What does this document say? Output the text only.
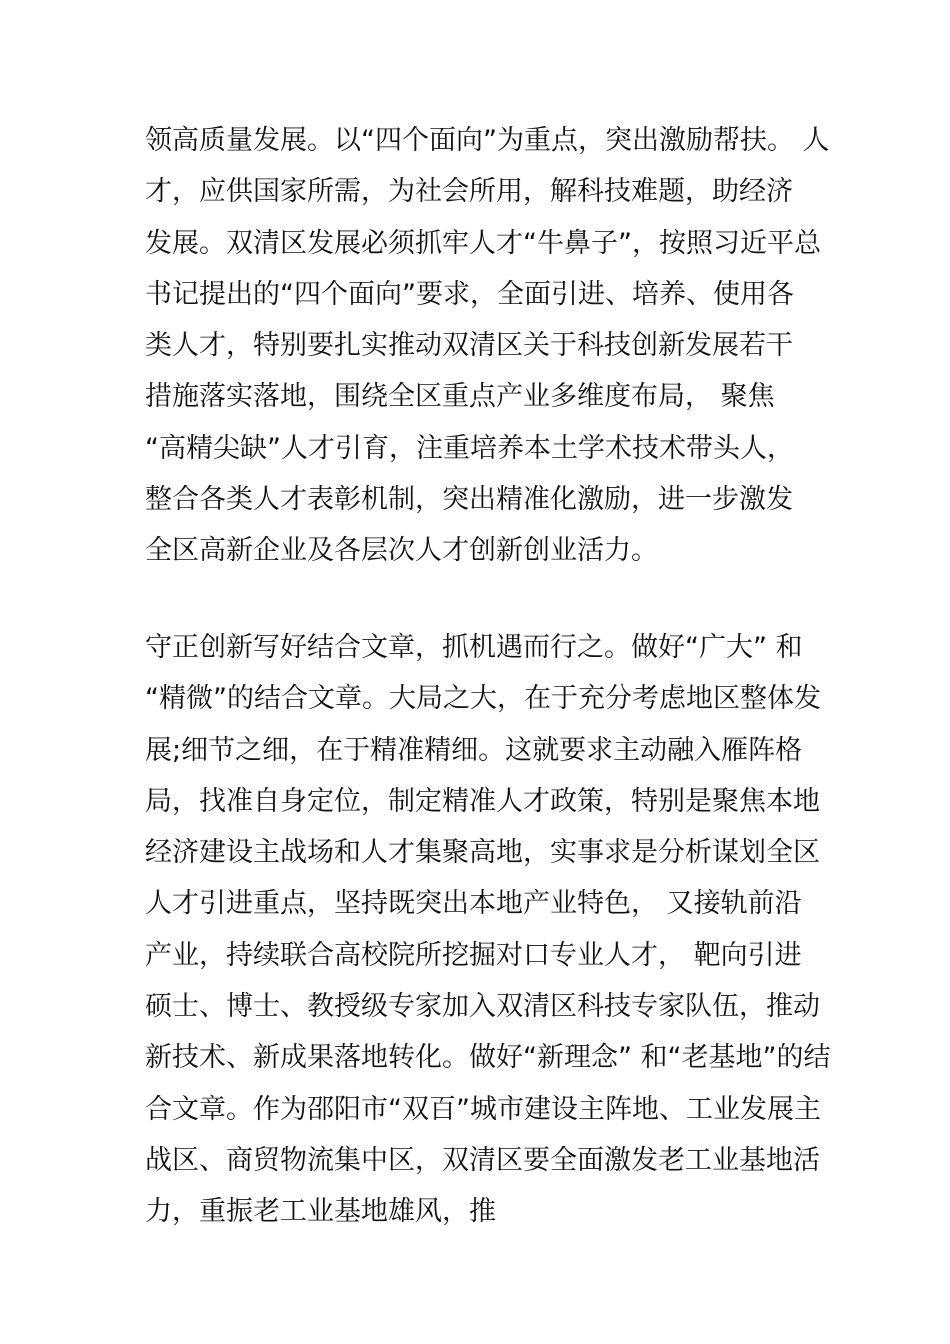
领高质量发展。以“四个面向”为重点，突出激励帮扶。 人
才，应供国家所需，为社会所用，解科技难题，助经济
发展。双清区发展必须抓牢人才“牛鼻子”，按照习近平总
书记提出的“四个面向”要求，全面引进、培养、使用各
类人才，特别要扎实推动双清区关于科技创新发展若干
措施落实落地，围绕全区重点产业多维度布局， 聚焦
“高精尖缺”人才引育，注重培养本土学术技术带头人，
整合各类人才表彰机制，突出精准化激励，进一步激发
全区高新企业及各层次人才创新创业活力。
守正创新写好结合文章，抓机遇而行之。做好“广大” 和
“精微”的结合文章。大局之大，在于充分考虑地区整体发
展;细节之细，在于精准精细。这就要求主动融入雁阵格
局，找准自身定位，制定精准人才政策，特别是聚焦本地
经济建设主战场和人才集聚高地，实事求是分析谋划全区
人才引进重点，坚持既突出本地产业特色， 又接轨前沿
产业，持续联合高校院所挖掘对口专业人才， 靶向引进
硕士、博士、教授级专家加入双清区科技专家队伍，推动
新技术、新成果落地转化。做好“新理念” 和“老基地”的结
合文章。作为邵阳市“双百”城市建设主阵地、工业发展主
战区、商贸物流集中区，双清区要全面激发老工业基地活
力，重振老工业基地雄风，推
